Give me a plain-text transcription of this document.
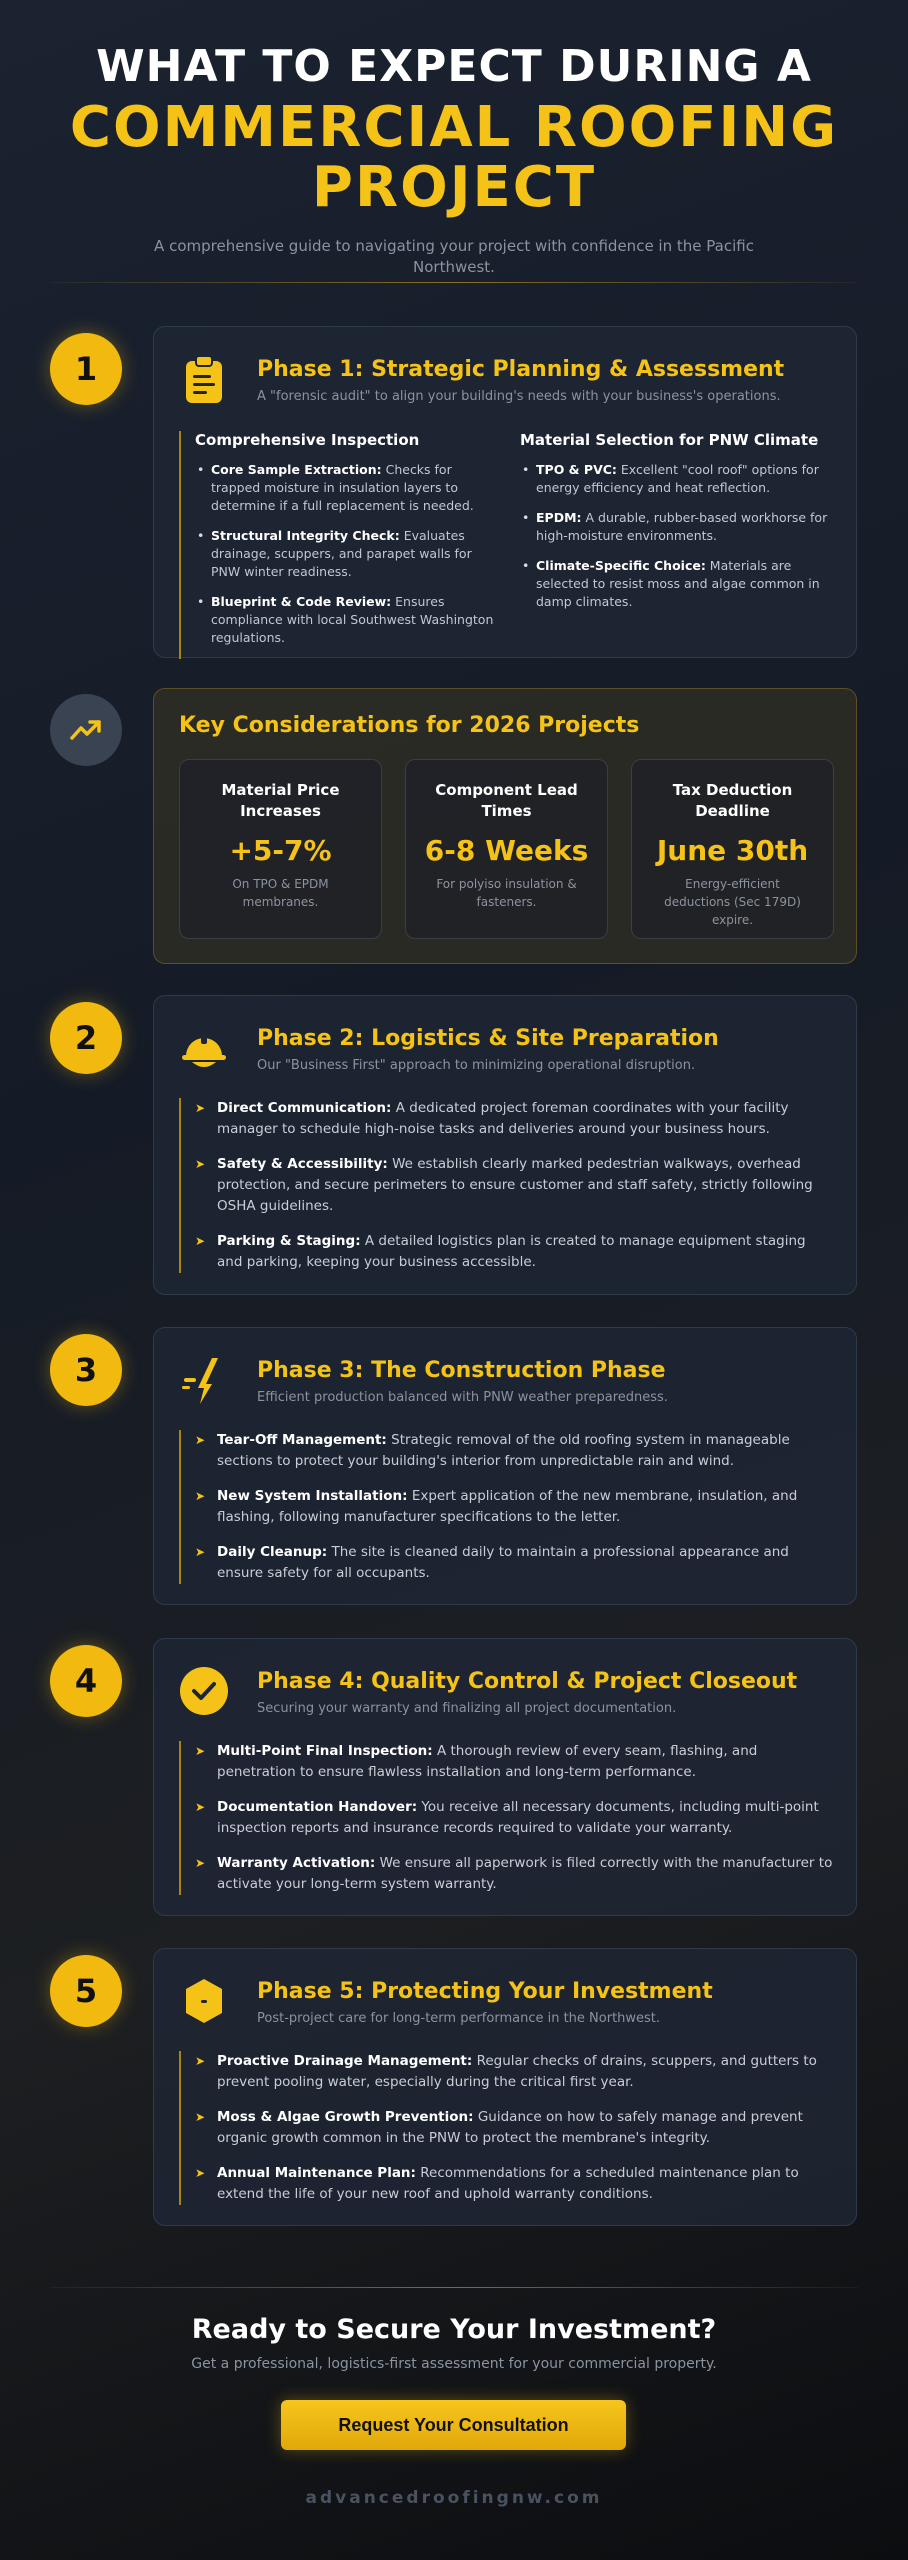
WHAT TO EXPECT DURING A
COMMERCIAL ROOFING
PROJECT
A comprehensive guide to navigating your project with confidence in the Pacific Northwest.
1	Phase 1: Strategic Planning & Assessment
A "forensic audit" to align your building's needs with your business's operations.
Comprehensive Inspection
• Core Sample Extraction: Checks for trapped moisture in insulation layers to determine if a full replacement is needed.
• Structural Integrity Check: Evaluates drainage, scuppers, and parapet walls for PNW winter readiness.
• Blueprint & Code Review: Ensures compliance with local Southwest Washington regulations.
Material Selection for PNW Climate
• TPO & PVC: Excellent "cool roof" options for energy efficiency and heat reflection.
• EPDM: A durable, rubber-based workhorse for high-moisture environments.
• Climate-Specific Choice: Materials are selected to resist moss and algae common in damp climates.
Key Considerations for 2026 Projects
Material Price Increases
+5-7%
On TPO & EPDM membranes.
Component Lead Times
6-8 Weeks
For polyiso insulation & fasteners.
Tax Deduction Deadline
June 30th
Energy-efficient deductions (Sec 179D) expire.
2	Phase 2: Logistics & Site Preparation
Our "Business First" approach to minimizing operational disruption.
➤ Direct Communication: A dedicated project foreman coordinates with your facility manager to schedule high-noise tasks and deliveries around your business hours.
➤ Safety & Accessibility: We establish clearly marked pedestrian walkways, overhead protection, and secure perimeters to ensure customer and staff safety, strictly following OSHA guidelines.
➤ Parking & Staging: A detailed logistics plan is created to manage equipment staging and parking, keeping your business accessible.
3	Phase 3: The Construction Phase
Efficient production balanced with PNW weather preparedness.
➤ Tear-Off Management: Strategic removal of the old roofing system in manageable sections to protect your building's interior from unpredictable rain and wind.
➤ New System Installation: Expert application of the new membrane, insulation, and flashing, following manufacturer specifications to the letter.
➤ Daily Cleanup: The site is cleaned daily to maintain a professional appearance and ensure safety for all occupants.
4	Phase 4: Quality Control & Project Closeout
Securing your warranty and finalizing all project documentation.
➤ Multi-Point Final Inspection: A thorough review of every seam, flashing, and penetration to ensure flawless installation and long-term performance.
➤ Documentation Handover: You receive all necessary documents, including multi-point inspection reports and insurance records required to validate your warranty.
➤ Warranty Activation: We ensure all paperwork is filed correctly with the manufacturer to activate your long-term system warranty.
5	Phase 5: Protecting Your Investment
Post-project care for long-term performance in the Northwest.
➤ Proactive Drainage Management: Regular checks of drains, scuppers, and gutters to prevent pooling water, especially during the critical first year.
➤ Moss & Algae Growth Prevention: Guidance on how to safely manage and prevent organic growth common in the PNW to protect the membrane's integrity.
➤ Annual Maintenance Plan: Recommendations for a scheduled maintenance plan to extend the life of your new roof and uphold warranty conditions.
Ready to Secure Your Investment?
Get a professional, logistics-first assessment for your commercial property.
Request Your Consultation
advancedroofingnw.com
